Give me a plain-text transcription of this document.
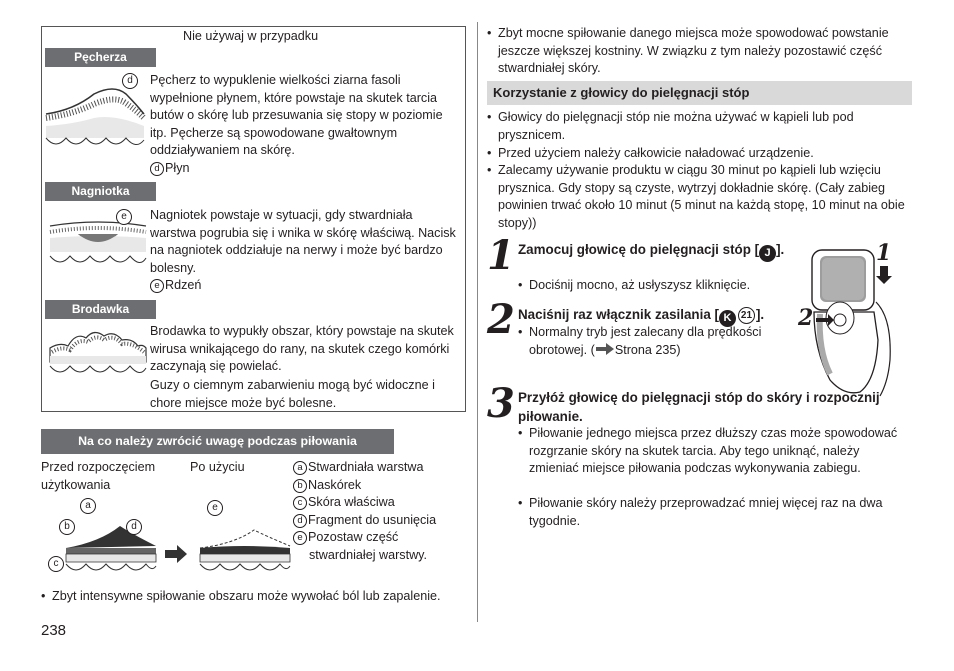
Nie używaj w przypadku
Pęcherza
d	Pęcherz to wypuklenie wielkości ziarna fasoli wypełnione płynem, które powstaje na skutek tarcia butów o skórę lub przesuwania się stopy w poziomie itp. Pęcherze są spowodowane gwałtownym oddziaływaniem na skórę.
d Płyn
Nagniotka
e	Nagniotek powstaje w sytuacji, gdy stwardniała warstwa pogrubia się i wnika w skórę właściwą. Nacisk na nagniotek oddziałuje na nerwy i może być bardzo bolesny.
e Rdzeń
Brodawka
Brodawka to wypukły obszar, który powstaje na skutek wirusa wnikającego do rany, na skutek czego komórki zaczynają się powielać.
Guzy o ciemnym zabarwieniu mogą być widoczne i chore miejsce może być bolesne.
Na co należy zwrócić uwagę podczas piłowania
Przed rozpoczęciem użytkowania
Po użyciu
a
b
c
d
e
a Stwardniała warstwa
b Naskórek
c Skóra właściwa
d Fragment do usunięcia
e Pozostaw część stwardniałej warstwy.
• Zbyt intensywne spiłowanie obszaru może wywołać ból lub zapalenie.
238
• Zbyt mocne spiłowanie danego miejsca może spowodować powstanie jeszcze większej kostniny. W związku z tym należy pozostawić część stwardniałej skóry.
Korzystanie z głowicy do pielęgnacji stóp
• Głowicy do pielęgnacji stóp nie można używać w kąpieli lub pod prysznicem.
• Przed użyciem należy całkowicie naładować urządzenie.
• Zalecamy używanie produktu w ciągu 30 minut po kąpieli lub wzięciu prysznica. Gdy stopy są czyste, wytrzyj dokładnie skórę. (Cały zabieg powinien trwać około 10 minut (5 minut na każdą stopę, 10 minut na obie stopy))
1 Zamocuj głowicę do pielęgnacji stóp [ J ].
• Dociśnij mocno, aż usłyszysz kliknięcie.
2 Naciśnij raz włącznik zasilania [ K 21 ].
• Normalny tryb jest zalecany dla prędkości obrotowej. ( Strona 235)
1
2
3 Przyłóż głowicę do pielęgnacji stóp do skóry i rozpocznij piłowanie.
• Piłowanie jednego miejsca przez dłuższy czas może spowodować rozgrzanie skóry na skutek tarcia. Aby tego uniknąć, należy zmieniać miejsce piłowania podczas wykonywania zabiegu.
• Piłowanie skóry należy przeprowadzać mniej więcej raz na dwa tygodnie.
